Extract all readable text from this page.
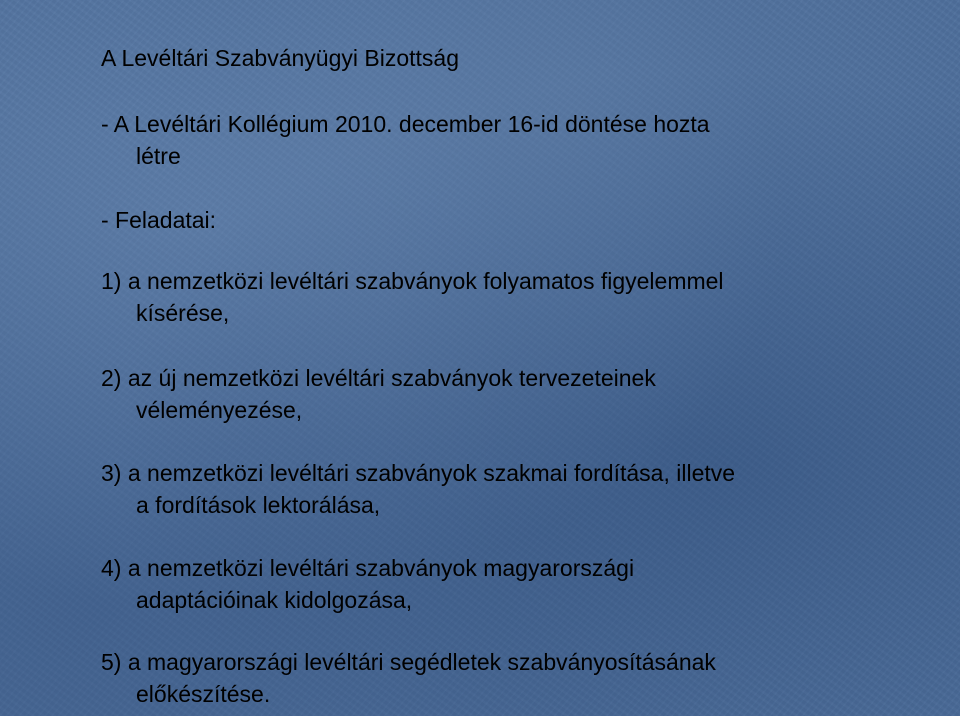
A Levéltári Szabványügyi Bizottság
- A Levéltári Kollégium 2010. december 16-id döntése hozta
létre
- Feladatai:
1) a nemzetközi levéltári szabványok folyamatos figyelemmel
kísérése,
2) az új nemzetközi levéltári szabványok tervezeteinek
véleményezése,
3) a nemzetközi levéltári szabványok szakmai fordítása, illetve
a fordítások lektorálása,
4) a nemzetközi levéltári szabványok magyarországi
adaptációinak kidolgozása,
5) a magyarországi levéltári segédletek szabványosításának
előkészítése.
